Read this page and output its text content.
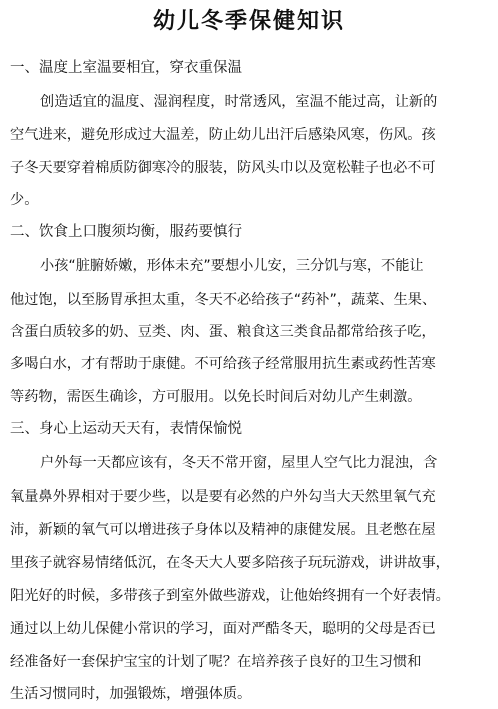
幼儿冬季保健知识

一、温度上室温要相宜，穿衣重保温

创造适宜的温度、湿润程度，时常透风，室温不能过高，让新的

空气进来，避免形成过大温差，防止幼儿出汗后感染风寒，伤风。孩

子冬天要穿着棉质防御寒冷的服装，防风头巾以及宽松鞋子也必不可

少。

二、饮食上口腹须均衡，服药要慎行

小孩“脏腑娇嫩，形体未充”要想小儿安，三分饥与寒，不能让

他过饱，以至肠胃承担太重，冬天不必给孩子“药补”，蔬菜、生果、

含蛋白质较多的奶、豆类、肉、蛋、粮食这三类食品都常给孩子吃，

多喝白水，才有帮助于康健。不可给孩子经常服用抗生素或药性苦寒

等药物，需医生确诊，方可服用。以免长时间后对幼儿产生刺激。

三、身心上运动天天有，表情保愉悦

户外每一天都应该有，冬天不常开窗，屋里人空气比力混浊，含

氧量鼻外界相对于要少些，以是要有必然的户外勾当大天然里氧气充

沛，新颖的氧气可以增进孩子身体以及精神的康健发展。且老憋在屋

里孩子就容易情绪低沉，在冬天大人要多陪孩子玩玩游戏，讲讲故事，

阳光好的时候，多带孩子到室外做些游戏，让他始终拥有一个好表情。

通过以上幼儿保健小常识的学习，面对严酷冬天，聪明的父母是否已

经准备好一套保护宝宝的计划了呢？在培养孩子良好的卫生习惯和

生活习惯同时，加强锻炼，增强体质。
